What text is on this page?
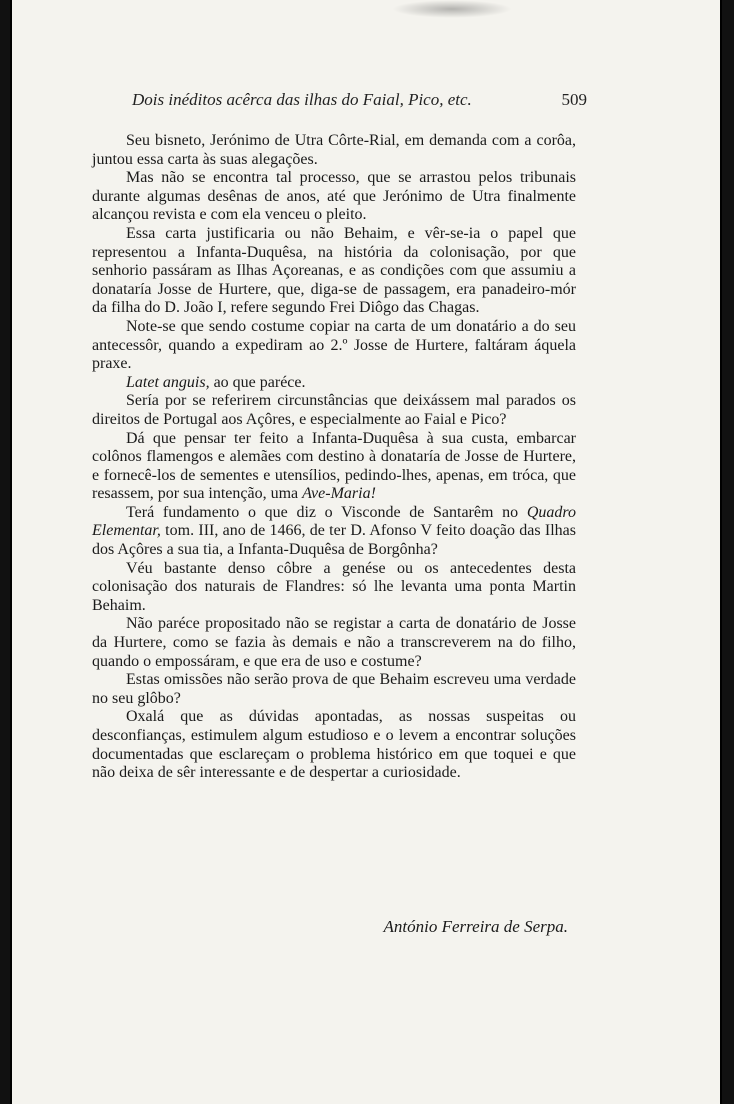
Dois inéditos acêrca das ilhas do Faial, Pico, etc.	509

Seu bisneto, Jerónimo de Utra Côrte-Rial, em demanda com a corôa, juntou essa carta às suas alegações.

Mas não se encontra tal processo, que se arrastou pelos tribunais durante algumas desênas de anos, até que Jerónimo de Utra finalmente alcançou revista e com ela venceu o pleito.

Essa carta justificaria ou não Behaim, e vêr-se-ia o papel que representou a Infanta-Duquêsa, na história da colonisação, por que senhorio passáram as Ilhas Açoreanas, e as condições com que assumiu a donataría Josse de Hurtere, que, diga-se de passagem, era panadeiro-mór da filha do D. João I, refere segundo Frei Diôgo das Chagas.

Note-se que sendo costume copiar na carta de um donatário a do seu antecessôr, quando a expediram ao 2.º Josse de Hurtere, faltáram áquela praxe.

Latet anguis, ao que paréce.

Sería por se referirem circunstâncias que deixássem mal parados os direitos de Portugal aos Açôres, e especialmente ao Faial e Pico?

Dá que pensar ter feito a Infanta-Duquêsa à sua custa, embarcar colônos flamengos e alemães com destino à donataría de Josse de Hurtere, e fornecê-los de sementes e utensílios, pedindo-lhes, apenas, em tróca, que resassem, por sua intenção, uma Ave-Maria!

Terá fundamento o que diz o Visconde de Santarêm no Quadro Elementar, tom. III, ano de 1466, de ter D. Afonso V feito doação das Ilhas dos Açôres a sua tia, a Infanta-Duquêsa de Borgônha?

Véu bastante denso côbre a genése ou os antecedentes desta colonisação dos naturais de Flandres: só lhe levanta uma ponta Martin Behaim.

Não paréce propositado não se registar a carta de donatário de Josse da Hurtere, como se fazia às demais e não a transcreverem na do filho, quando o empossáram, e que era de uso e costume?

Estas omissões não serão prova de que Behaim escreveu uma verdade no seu glôbo?

Oxalá que as dúvidas apontadas, as nossas suspeitas ou desconfianças, estimulem algum estudioso e o levem a encontrar soluções documentadas que esclareçam o problema histórico em que toquei e que não deixa de sêr interessante e de despertar a curiosidade.

António Ferreira de Serpa.
